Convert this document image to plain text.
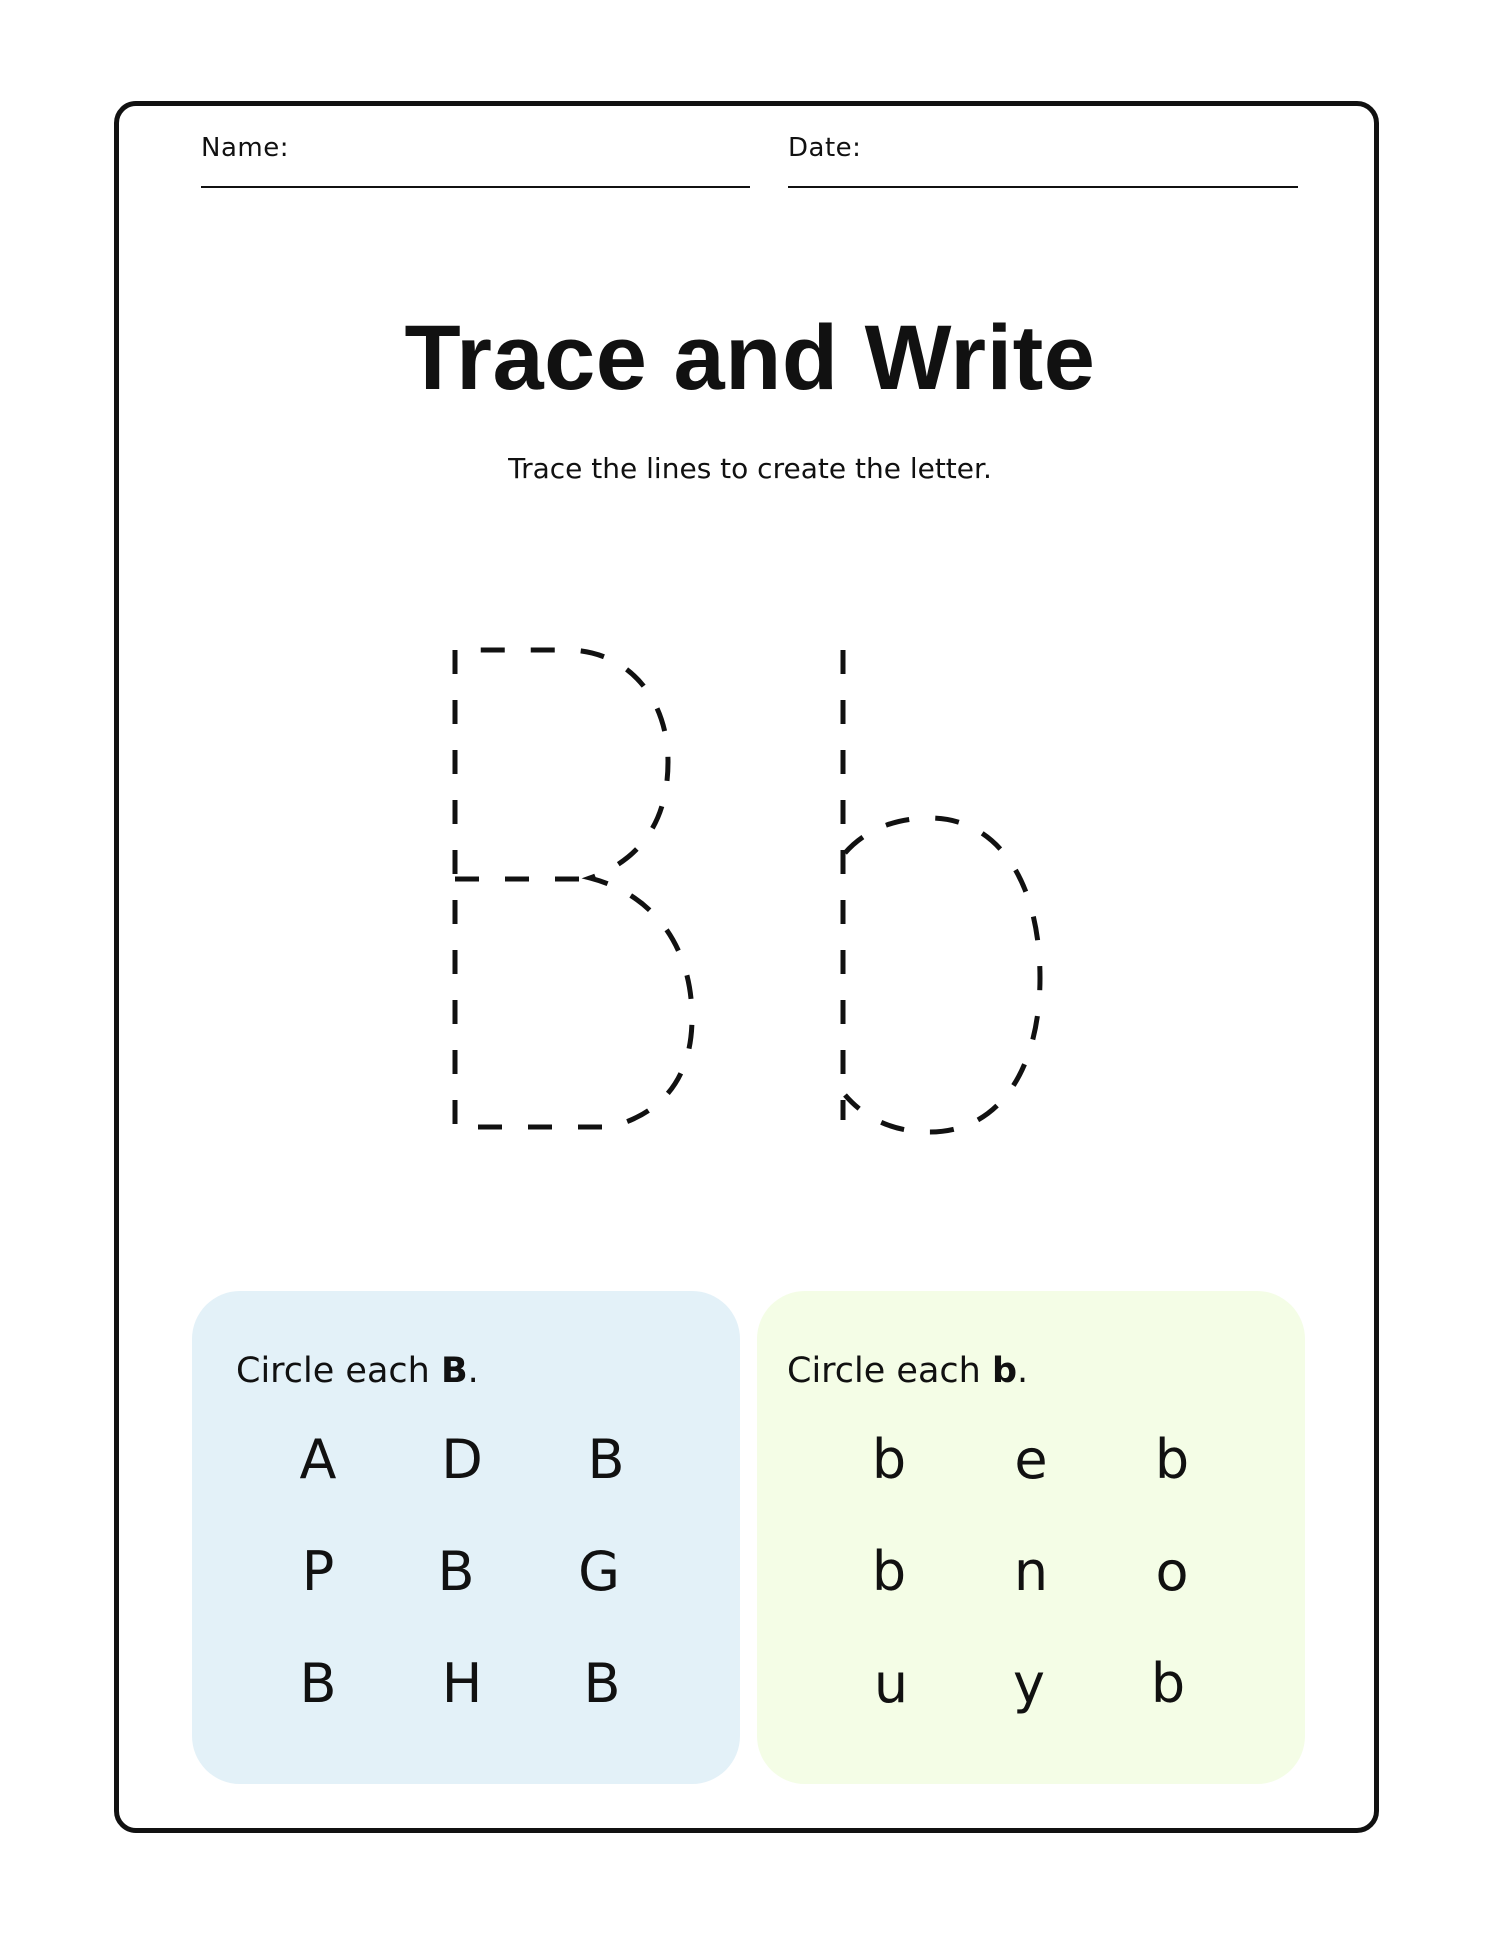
Name:	Date:
Trace and Write
Trace the lines to create the letter.
Circle each B.
A	D	B
P	B	G
B	H	B
Circle each b.
b	e	b
b	n	o
u	y	b
